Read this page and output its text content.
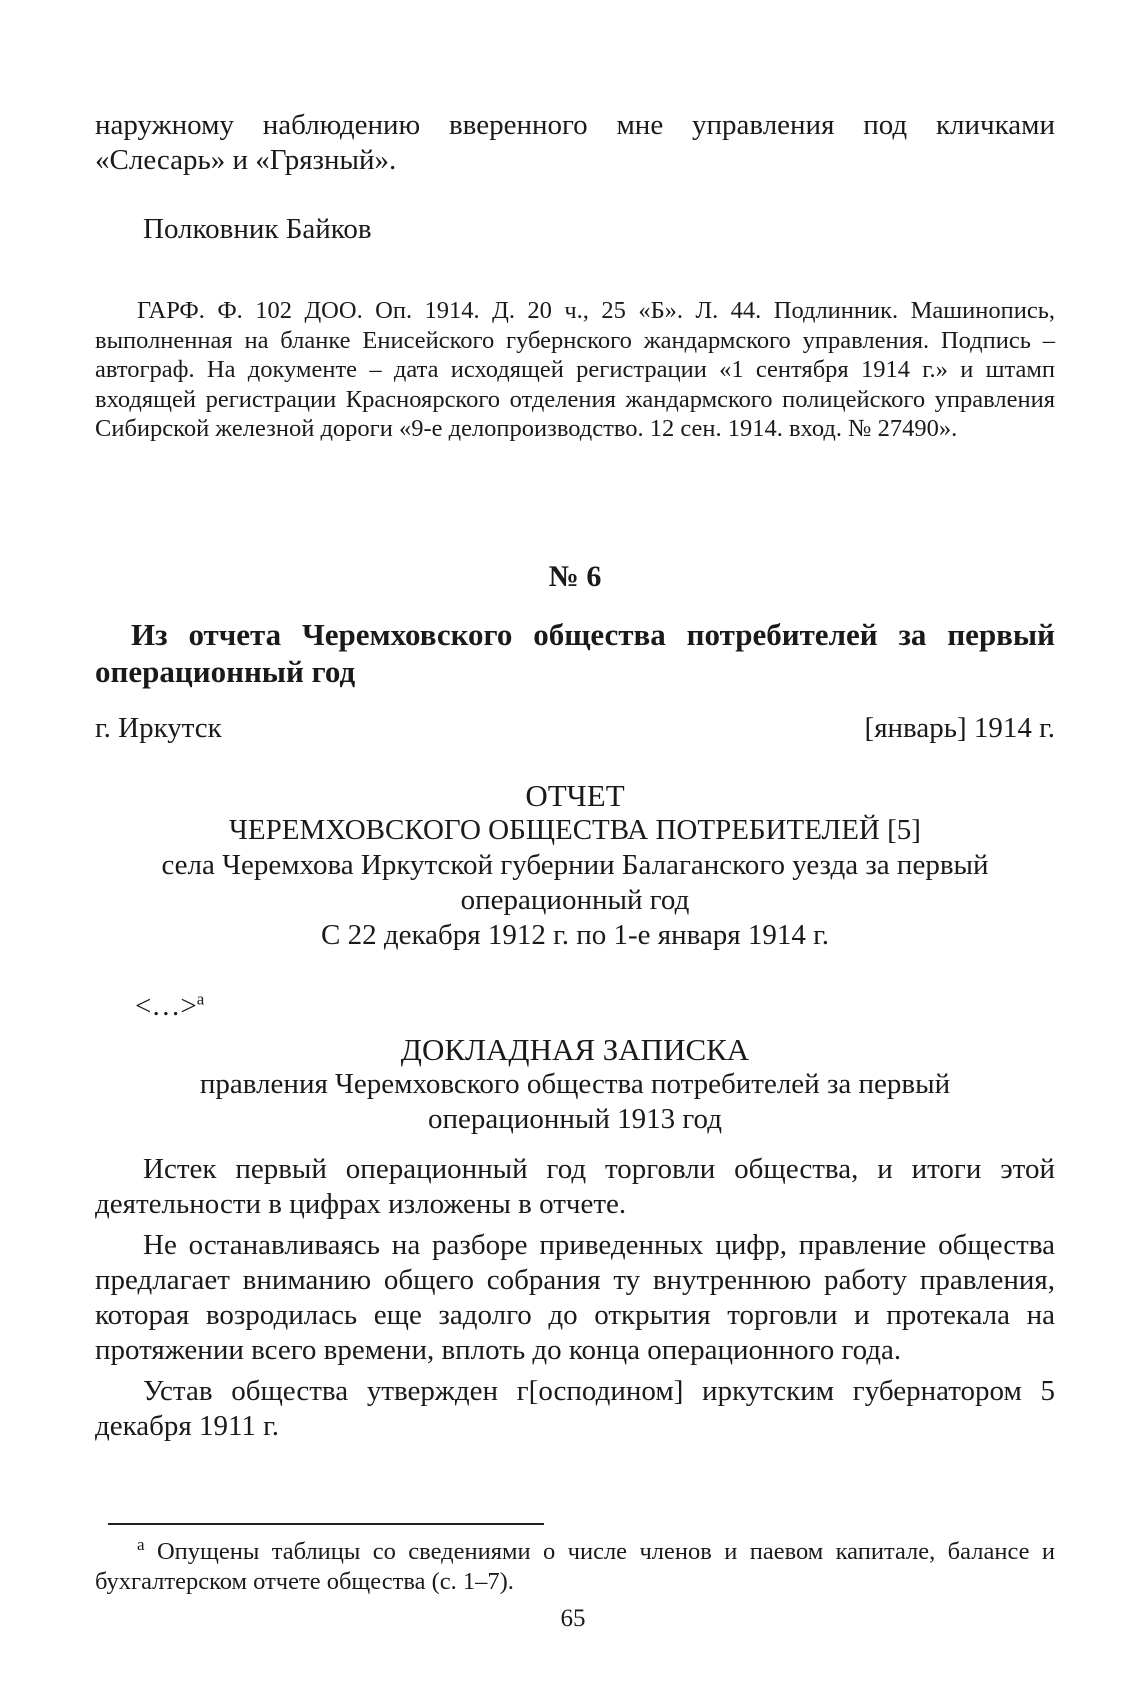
наружному наблюдению вверенного мне управления под кличками «Слесарь» и «Грязный».

Полковник Байков

ГАРФ. Ф. 102 ДОО. Оп. 1914. Д. 20 ч., 25 «Б». Л. 44. Подлинник. Машинопись, выполненная на бланке Енисейского губернского жандармского управления. Подпись – автограф. На документе – дата исходящей регистрации «1 сентября 1914 г.» и штамп входящей регистрации Красноярского отделения жандармского полицейского управления Сибирской железной дороги «9-е делопроизводство. 12 сен. 1914. вход. № 27490».

№ 6

Из отчета Черемховского общества потребителей за первый операционный год

г. Иркутск	[январь] 1914 г.

ОТЧЕТ

ЧЕРЕМХОВСКОГО ОБЩЕСТВА ПОТРЕБИТЕЛЕЙ [5]

села Черемхова Иркутской губернии Балаганского уезда за первый операционный год

С 22 декабря 1912 г. по 1-е января 1914 г.

<…>$^а$

ДОКЛАДНАЯ ЗАПИСКА

правления Черемховского общества потребителей за первый операционный 1913 год

Истек первый операционный год торговли общества, и итоги этой деятельности в цифрах изложены в отчете.

Не останавливаясь на разборе приведенных цифр, правление общества предлагает вниманию общего собрания ту внутреннюю работу правления, которая возродилась еще задолго до открытия торговли и протекала на протяжении всего времени, вплоть до конца операционного года.

Устав общества утвержден г[осподином] иркутским губернатором 5 декабря 1911 г.

$^а$ Опущены таблицы со сведениями о числе членов и паевом капитале, балансе и бухгалтерском отчете общества (с. 1–7).

65
